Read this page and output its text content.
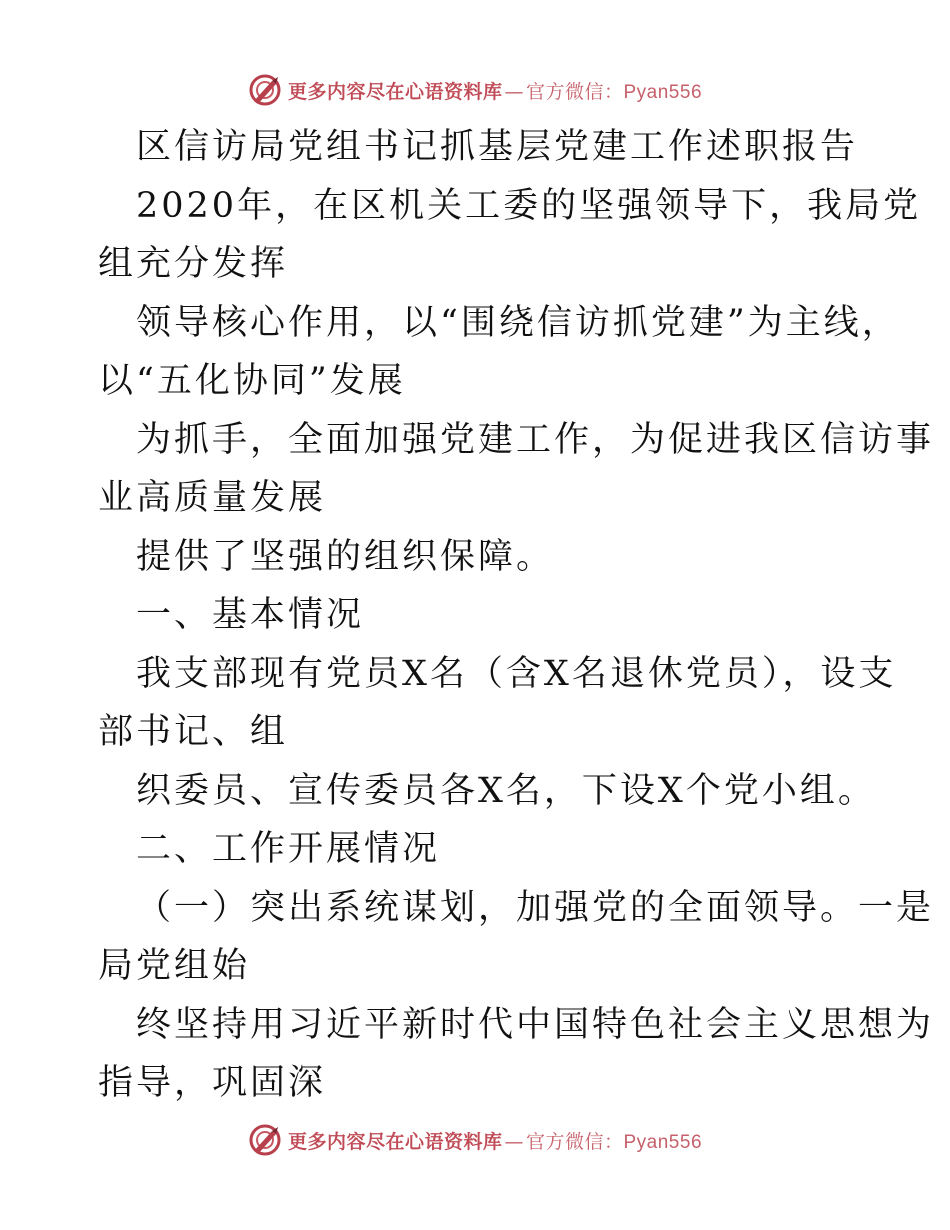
更多内容尽在心语资料库 — 官方微信：Pyan556
区信访局党组书记抓基层党建工作述职报告
2020年，在区机关工委的坚强领导下，我局党
组充分发挥
领导核心作用，以“围绕信访抓党建”为主线，
以“五化协同”发展
为抓手，全面加强党建工作，为促进我区信访事
业高质量发展
提供了坚强的组织保障。
一、基本情况
我支部现有党员X名（含X名退休党员），设支
部书记、组
织委员、宣传委员各X名，下设X个党小组。
二、工作开展情况
（一）突出系统谋划，加强党的全面领导。一是
局党组始
终坚持用习近平新时代中国特色社会主义思想为
指导，巩固深
更多内容尽在心语资料库 — 官方微信：Pyan556
